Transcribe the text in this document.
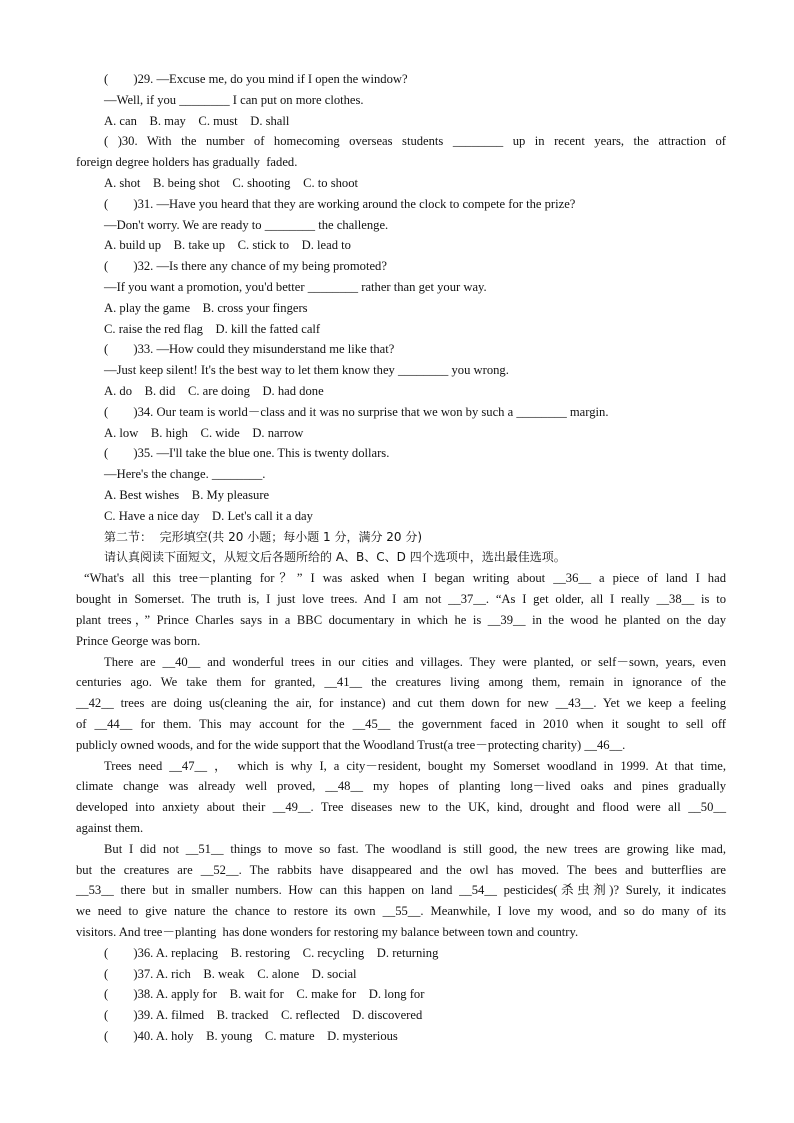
(        )29. —Excuse me, do you mind if I open the window?
—Well, if you ________ I can put on more clothes.
A. can    B. may    C. must    D. shall
( )30. With the number of homecoming overseas students ________ up in recent years, the attraction of
foreign degree holders has gradually  faded.
A. shot    B. being shot    C. shooting    C. to shoot
(        )31. —Have you heard that they are working around the clock to compete for the prize?
—Don't worry. We are ready to ________ the challenge.
A. build up    B. take up    C. stick to    D. lead to
(        )32. —Is there any chance of my being promoted?
—If you want a promotion, you'd better ________ rather than get your way.
A. play the game    B. cross your fingers
C. raise the red flag    D. kill the fatted calf
(        )33. —How could they misunderstand me like that?
—Just keep silent! It's the best way to let them know they ________ you wrong.
A. do    B. did    C. are doing    D. had done
(        )34. Our team is world－class and it was no surprise that we won by such a ________ margin.
A. low    B. high    C. wide    D. narrow
(        )35. —I'll take the blue one. This is twenty dollars.
—Here's the change. ________.
A. Best wishes    B. My pleasure
C. Have a nice day    D. Let's call it a day
第二节：  完形填空(共 20 小题；每小题 1 分，满分 20 分)
请认真阅读下面短文，从短文后各题所给的 A、B、C、D 四个选项中，选出最佳选项。
“What's all this tree－planting for？” I was asked when I began writing about __36__ a piece of land I had
bought in Somerset. The truth is, I just love trees. And I am not __37__. “As I get older, all I really __38__ is to
plant trees，” Prince Charles says in a BBC documentary in which he is __39__ in the wood he planted on the day
Prince George was born.
There are __40__ and wonderful trees in our cities and villages. They were planted, or self－sown, years, even
centuries ago. We take them for granted, __41__ the creatures living among them, remain in ignorance of the
__42__ trees are doing us(cleaning the air, for instance) and cut them down for new __43__. Yet we keep a feeling
of __44__ for them. This may account for the __45__ the government faced in 2010 when it sought to sell off
publicly owned woods, and for the wide support that the Woodland Trust(a tree－protecting charity) __46__.
Trees need __47__ ， which is why I, a city－resident, bought my Somerset woodland in 1999. At that time,
climate change was already well proved, __48__ my hopes of planting long－lived oaks and pines gradually
developed into anxiety about their __49__. Tree diseases new to the UK, kind, drought and flood were all __50__
against them.
But I did not __51__ things to move so fast. The woodland is still good, the new trees are growing like mad,
but the creatures are __52__. The rabbits have disappeared and the owl has moved. The bees and butterflies are
__53__ there but in smaller numbers. How can this happen on land __54__ pesticides(杀虫剂)? Surely, it indicates
we need to give nature the chance to restore its own __55__. Meanwhile, I love my wood, and so do many of its
visitors. And tree－planting  has done wonders for restoring my balance between town and country.
(        )36. A. replacing    B. restoring    C. recycling    D. returning
(        )37. A. rich    B. weak    C. alone    D. social
(        )38. A. apply for    B. wait for    C. make for    D. long for
(        )39. A. filmed    B. tracked    C. reflected    D. discovered
(        )40. A. holy    B. young    C. mature    D. mysterious
